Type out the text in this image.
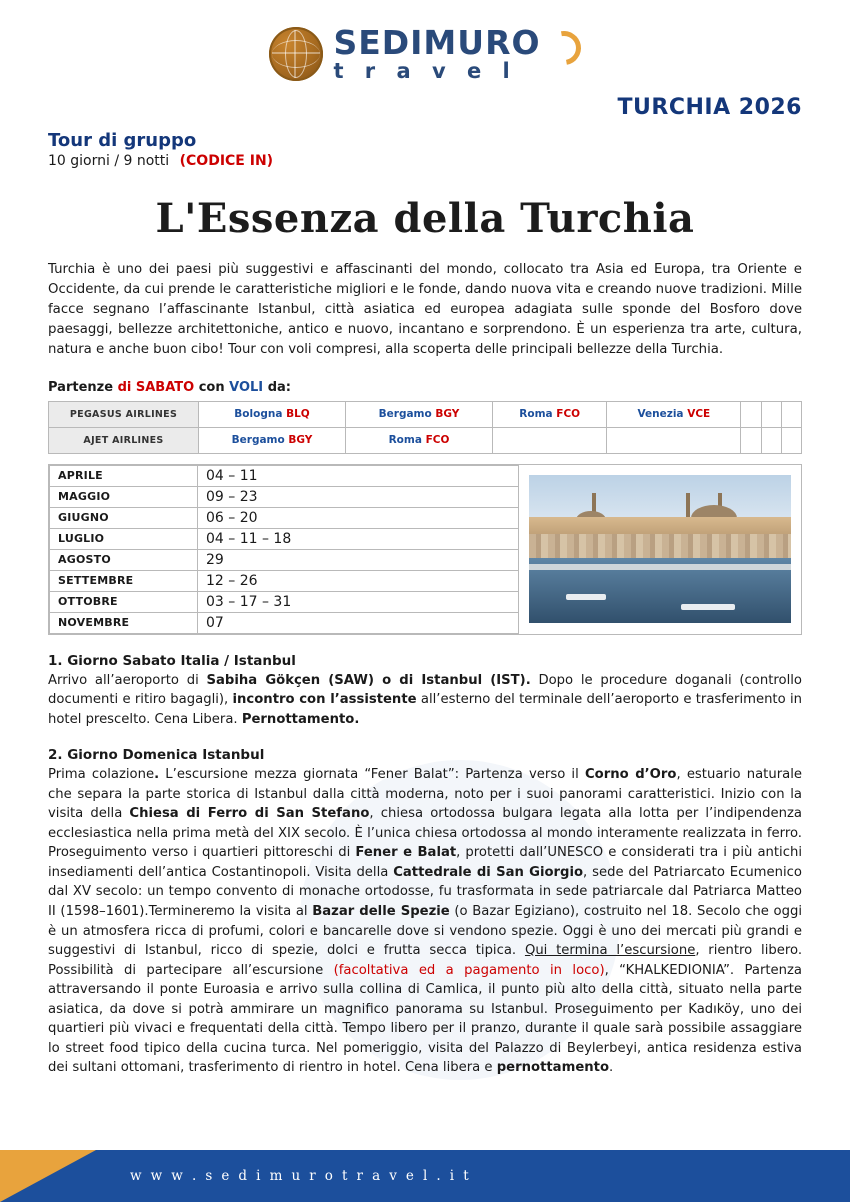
SEDIMURO
t r a v e l
TURCHIA 2026
Tour di gruppo
10 giorni / 9 notti (CODICE IN)
L'Essenza della Turchia
Turchia è uno dei paesi più suggestivi e affascinanti del mondo, collocato tra Asia ed Europa, tra Oriente e Occidente, da cui prende le caratteristiche migliori e le fonde, dando nuova vita e creando nuove tradizioni. Mille facce segnano l’affascinante Istanbul, città asiatica ed europea adagiata sulle sponde del Bosforo dove paesaggi, bellezze architettoniche, antico e nuovo, incantano e sorprendono. È un esperienza tra arte, cultura, natura e anche buon cibo! Tour con voli compresi, alla scoperta delle principali bellezze della Turchia.
Partenze di SABATO con VOLI da:
PEGASUS AIRLINES	Bologna BLQ	Bergamo BGY	Roma FCO	Venezia VCE			
AJET AIRLINES	Bergamo BGY	Roma FCO					
APRILE	04 – 11
MAGGIO	09 – 23
GIUGNO	06 – 20
LUGLIO	04 – 11 – 18
AGOSTO	29
SETTEMBRE	12 – 26
OTTOBRE	03 – 17 – 31
NOVEMBRE	07
1. Giorno Sabato Italia / Istanbul
Arrivo all’aeroporto di Sabiha Gökçen (SAW) o di Istanbul (IST). Dopo le procedure doganali (controllo documenti e ritiro bagagli), incontro con l’assistente all’esterno del terminale dell’aeroporto e trasferimento in hotel prescelto. Cena Libera. Pernottamento.
2. Giorno Domenica Istanbul
Prima colazione. L’escursione mezza giornata “Fener Balat”: Partenza verso il Corno d’Oro, estuario naturale che separa la parte storica di Istanbul dalla città moderna, noto per i suoi panorami caratteristici. Inizio con la visita della Chiesa di Ferro di San Stefano, chiesa ortodossa bulgara legata alla lotta per l’indipendenza ecclesiastica nella prima metà del XIX secolo. È l’unica chiesa ortodossa al mondo interamente realizzata in ferro. Proseguimento verso i quartieri pittoreschi di Fener e Balat, protetti dall’UNESCO e considerati tra i più antichi insediamenti dell’antica Costantinopoli. Visita della Cattedrale di San Giorgio, sede del Patriarcato Ecumenico dal XV secolo: un tempo convento di monache ortodosse, fu trasformata in sede patriarcale dal Patriarca Matteo II (1598–1601).Termineremo la visita al Bazar delle Spezie (o Bazar Egiziano), costruito nel 18. Secolo che oggi è un atmosfera ricca di profumi, colori e bancarelle dove si vendono spezie. Oggi è uno dei mercati più grandi e suggestivi di Istanbul, ricco di spezie, dolci e frutta secca tipica. Qui termina l’escursione, rientro libero. Possibilità di partecipare all’escursione (facoltativa ed a pagamento in loco), “KHALKEDIONIA”. Partenza attraversando il ponte Euroasia e arrivo sulla collina di Camlica, il punto più alto della città, situato nella parte asiatica, da dove si potrà ammirare un magnifico panorama su Istanbul. Proseguimento per Kadıköy, uno dei quartieri più vivaci e frequentati della città. Tempo libero per il pranzo, durante il quale sarà possibile assaggiare lo street food tipico della cucina turca. Nel pomeriggio, visita del Palazzo di Beylerbeyi, antica residenza estiva dei sultani ottomani, trasferimento di rientro in hotel. Cena libera e pernottamento.
w w w . s e d i m u r o t r a v e l . i t
